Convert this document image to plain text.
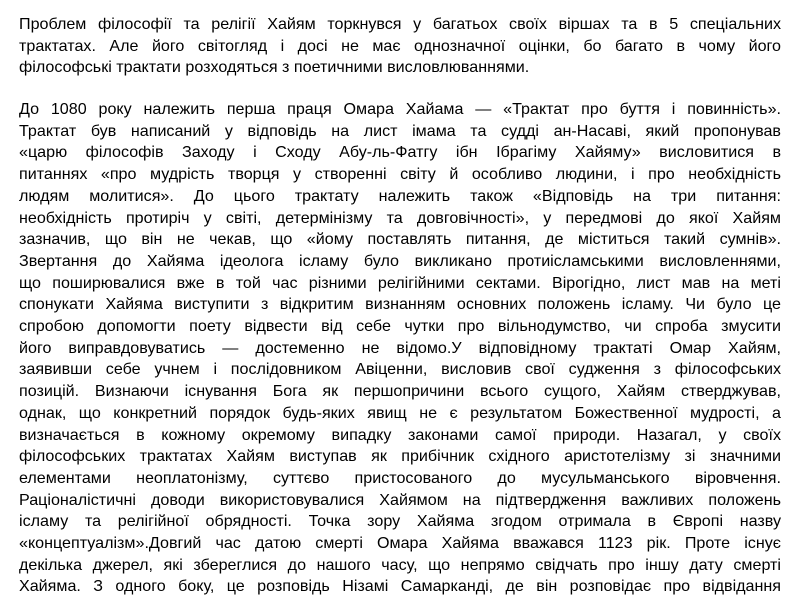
Проблем філософії та релігії Хайям торкнувся у багатьох своїх віршах та в 5 спеціальних
трактатах. Але його світогляд і досі не має однозначної оцінки, бо багато в чому його
філософські трактати розходяться з поетичними висловлюваннями.
До 1080 року належить перша праця Омара Хайама — «Трактат про буття і повинність».
Трактат був написаний у відповідь на лист імама та судді ан-Насаві, який пропонував
«царю філософів Заходу і Сходу Абу-ль-Фатгу ібн Ібрагіму Хайяму» висловитися в
питаннях «про мудрість творця у створенні світу й особливо людини, і про необхідність
людям молитися». До цього трактату належить також «Відповідь на три питання:
необхідність протиріч у світі, детермінізму та довговічності», у передмові до якої Хайям
зазначив, що він не чекав, що «йому поставлять питання, де міститься такий сумнів».
Звертання до Хайяма ідеолога ісламу було викликано протиісламськими висловленнями,
що поширювалися вже в той час різними релігійними сектами. Вірогідно, лист мав на меті
спонукати Хайяма виступити з відкритим визнанням основних положень ісламу. Чи було це
спробою допомогти поету відвести від себе чутки про вільнодумство, чи спроба змусити
його виправдовуватись — достеменно не відомо.У відповідному трактаті Омар Хайям,
заявивши себе учнем і послідовником Авіценни, висловив свої судження з філософських
позицій. Визнаючи існування Бога як першопричини всього сущого, Хайям стверджував,
однак, що конкретний порядок будь-яких явищ не є результатом Божественної мудрості, а
визначається в кожному окремому випадку законами самої природи. Назагал, у своїх
філософських трактатах Хайям виступав як прибічник східного аристотелізму зі значними
елементами неоплатонізму, суттєво пристосованого до мусульманського віровчення.
Раціоналістичні доводи використовувалися Хайямом на підтвердження важливих положень
ісламу та релігійної обрядності. Точка зору Хайяма згодом отримала в Європі назву
«концептуалізм».Довгий час датою смерті Омара Хайяма вважався 1123 рік. Проте існує
декілька джерел, які збереглися до нашого часу, що непрямо свідчать про іншу дату смерті
Хайяма. З одного боку, це розповідь Нізамі Самарканді, де він розповідає про відвідання
